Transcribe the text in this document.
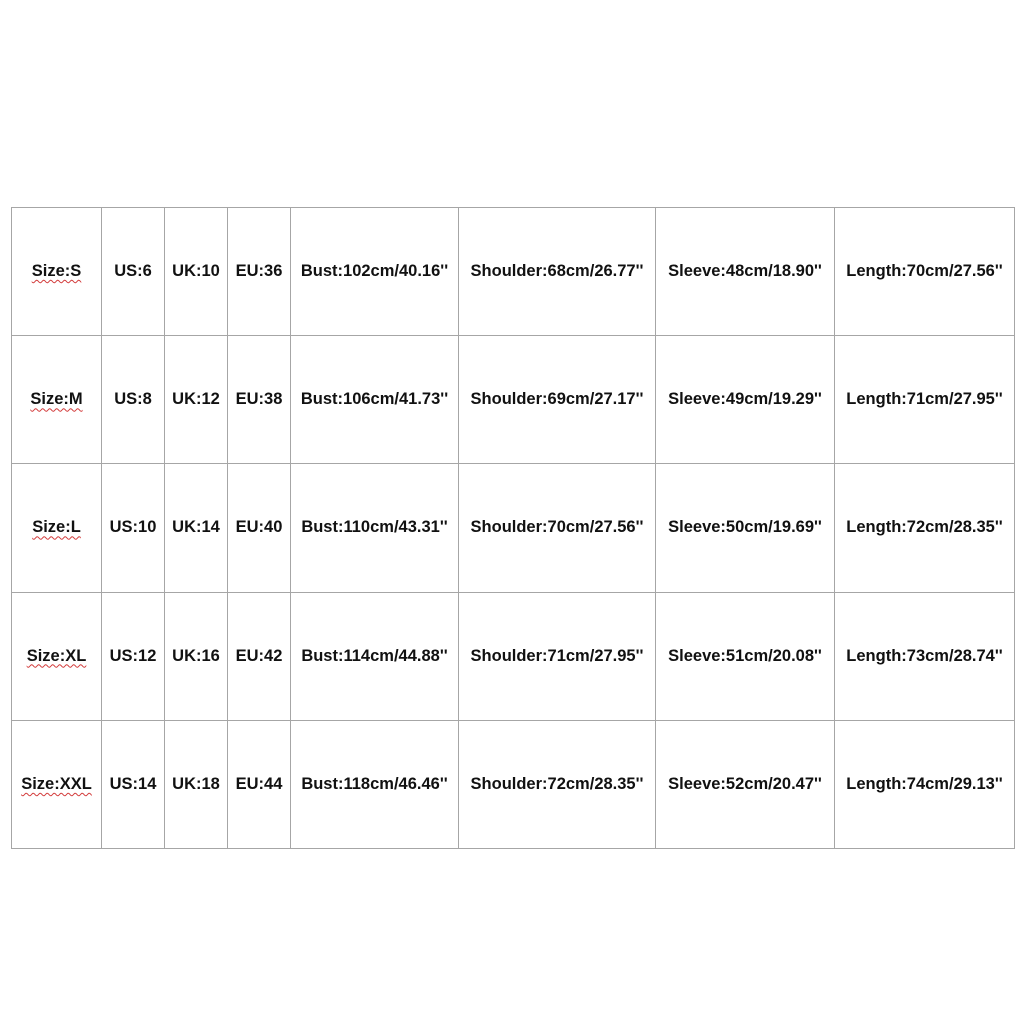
Size:S	US:6	UK:10	EU:36	Bust:102cm/40.16''	Shoulder:68cm/26.77''	Sleeve:48cm/18.90''	Length:70cm/27.56''
Size:M	US:8	UK:12	EU:38	Bust:106cm/41.73''	Shoulder:69cm/27.17''	Sleeve:49cm/19.29''	Length:71cm/27.95''
Size:L	US:10	UK:14	EU:40	Bust:110cm/43.31''	Shoulder:70cm/27.56''	Sleeve:50cm/19.69''	Length:72cm/28.35''
Size:XL	US:12	UK:16	EU:42	Bust:114cm/44.88''	Shoulder:71cm/27.95''	Sleeve:51cm/20.08''	Length:73cm/28.74''
Size:XXL	US:14	UK:18	EU:44	Bust:118cm/46.46''	Shoulder:72cm/28.35''	Sleeve:52cm/20.47''	Length:74cm/29.13''
